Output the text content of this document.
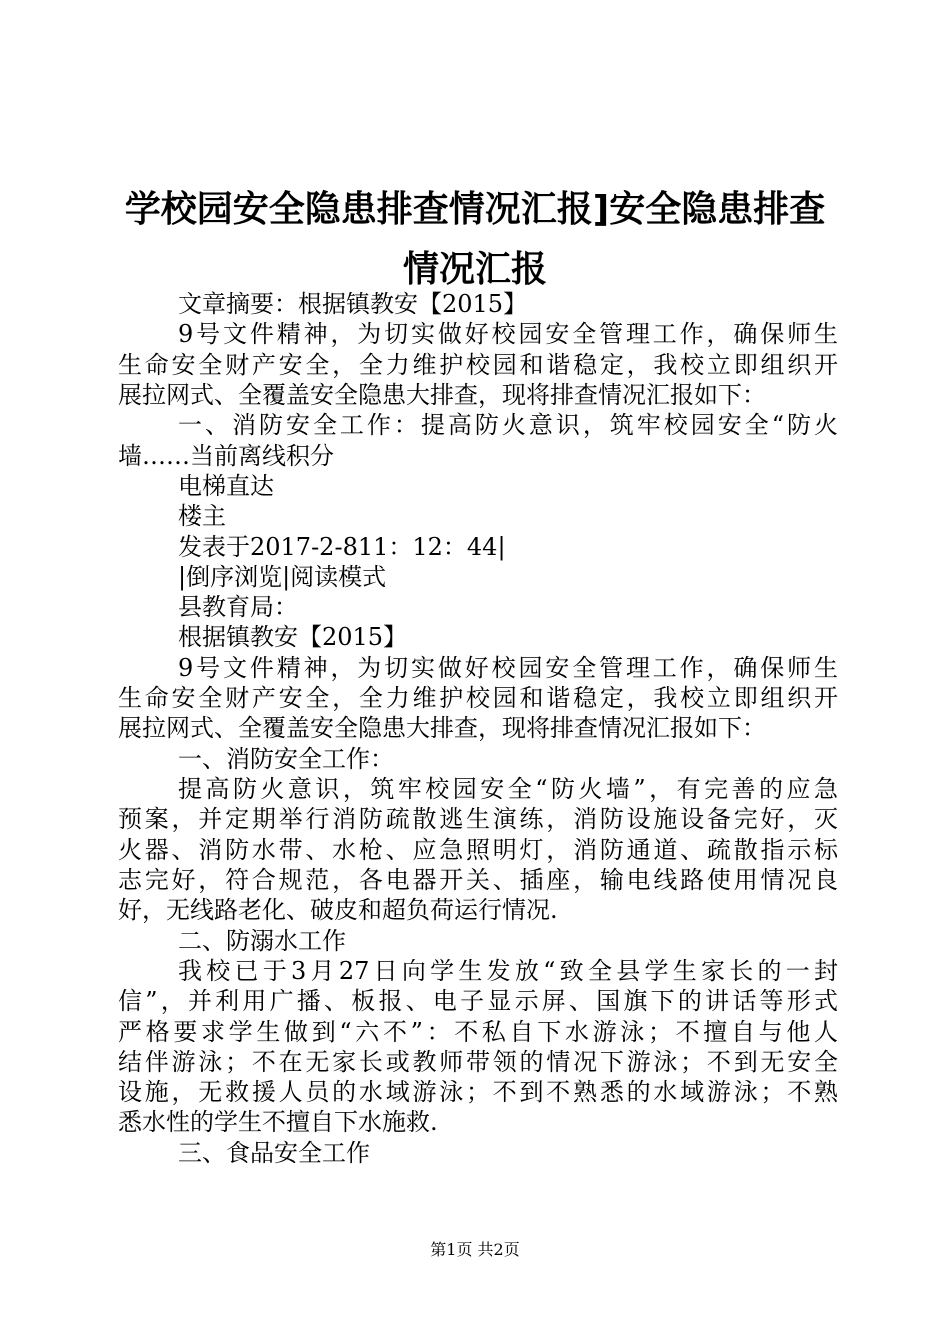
学校园安全隐患排查情况汇报]安全隐患排查
情况汇报
文章摘要：根据镇教安【2015】
9号文件精神，为切实做好校园安全管理工作，确保师生
生命安全财产安全，全力维护校园和谐稳定，我校立即组织开
展拉网式、全覆盖安全隐患大排查，现将排查情况汇报如下：
一、消防安全工作：提高防火意识，筑牢校园安全“防火
墙……当前离线积分
电梯直达
楼主
发表于2017-2-811：12：44|
|倒序浏览|阅读模式
县教育局：
根据镇教安【2015】
9号文件精神，为切实做好校园安全管理工作，确保师生
生命安全财产安全，全力维护校园和谐稳定，我校立即组织开
展拉网式、全覆盖安全隐患大排查，现将排查情况汇报如下：
一、消防安全工作：
提高防火意识，筑牢校园安全“防火墙”，有完善的应急
预案，并定期举行消防疏散逃生演练，消防设施设备完好，灭
火器、消防水带、水枪、应急照明灯，消防通道、疏散指示标
志完好，符合规范，各电器开关、插座，输电线路使用情况良
好，无线路老化、破皮和超负荷运行情况.
二、防溺水工作
我校已于3月27日向学生发放“致全县学生家长的一封
信”，并利用广播、板报、电子显示屏、国旗下的讲话等形式
严格要求学生做到“六不”：不私自下水游泳；不擅自与他人
结伴游泳；不在无家长或教师带领的情况下游泳；不到无安全
设施，无救援人员的水域游泳；不到不熟悉的水域游泳；不熟
悉水性的学生不擅自下水施救.
三、食品安全工作
第1页 共2页
